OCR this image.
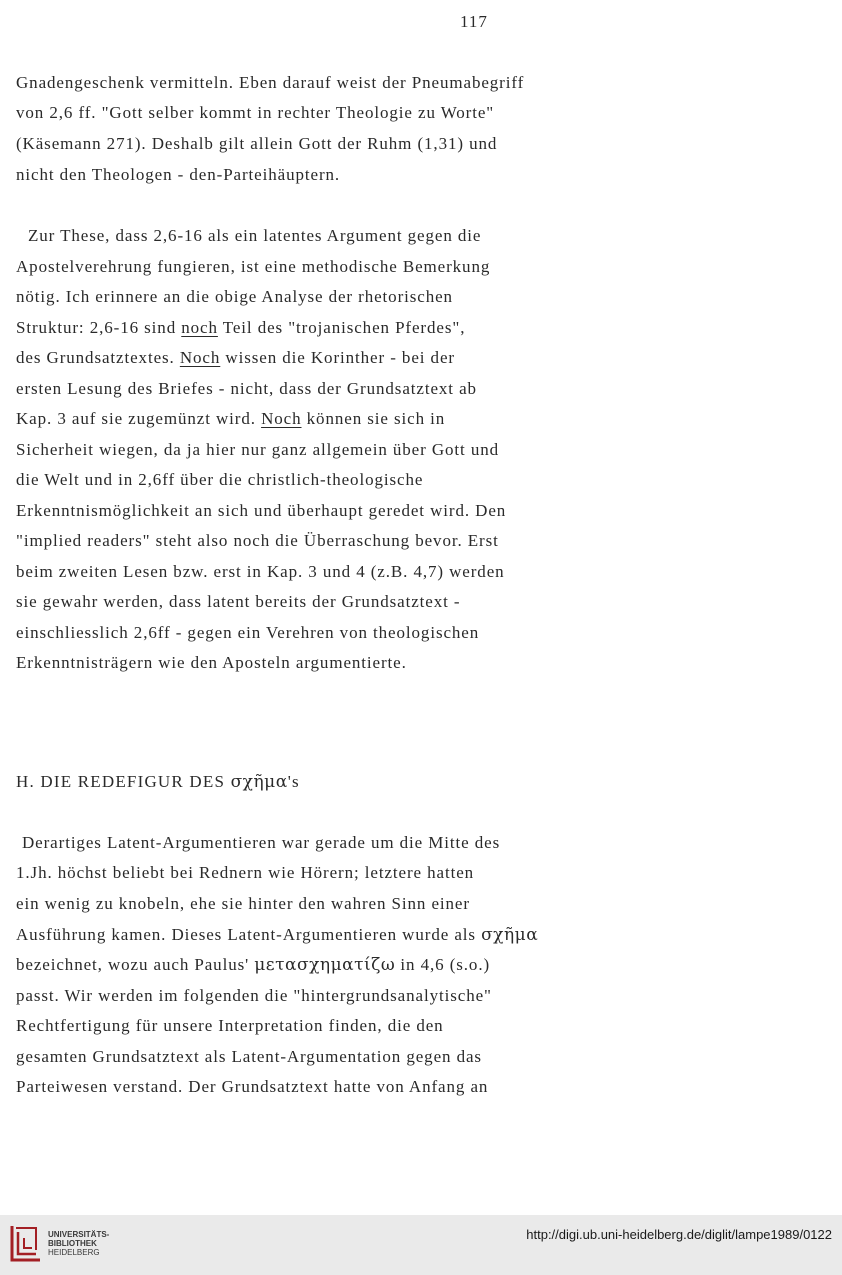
117
Gnadengeschenk vermitteln. Eben darauf weist der Pneumabegriff
von 2,6 ff. "Gott selber kommt in rechter Theologie zu Worte"
(Käsemann 271). Deshalb gilt allein Gott der Ruhm (1,31) und
nicht den Theologen - den-Parteihäuptern.
Zur These, dass 2,6-16 als ein latentes Argument gegen die
Apostelverehrung fungieren, ist eine methodische Bemerkung
nötig. Ich erinnere an die obige Analyse der rhetorischen
Struktur: 2,6-16 sind noch Teil des "trojanischen Pferdes",
des Grundsatztextes. Noch wissen die Korinther - bei der
ersten Lesung des Briefes - nicht, dass der Grundsatztext ab
Kap. 3 auf sie zugemünzt wird. Noch können sie sich in
Sicherheit wiegen, da ja hier nur ganz allgemein über Gott und
die Welt und in 2,6ff über die christlich-theologische
Erkenntnismöglichkeit an sich und überhaupt geredet wird. Den
"implied readers" steht also noch die Überraschung bevor. Erst
beim zweiten Lesen bzw. erst in Kap. 3 und 4 (z.B. 4,7) werden
sie gewahr werden, dass latent bereits der Grundsatztext -
einschliesslich 2,6ff - gegen ein Verehren von theologischen
Erkenntnisträgern wie den Aposteln argumentierte.
H. DIE REDEFIGUR DES σχῆμα's
Derartiges Latent-Argumentieren war gerade um die Mitte des
1.Jh. höchst beliebt bei Rednern wie Hörern; letztere hatten
ein wenig zu knobeln, ehe sie hinter den wahren Sinn einer
Ausführung kamen. Dieses Latent-Argumentieren wurde als σχῆμα
bezeichnet, wozu auch Paulus' μετασχηματίζω in 4,6 (s.o.)
passt. Wir werden im folgenden die "hintergrundsanalytische"
Rechtfertigung für unsere Interpretation finden, die den
gesamten Grundsatztext als Latent-Argumentation gegen das
Parteiwesen verstand. Der Grundsatztext hatte von Anfang an
UNIVERSITÄTS-
BIBLIOTHEK
HEIDELBERG
http://digi.ub.uni-heidelberg.de/diglit/lampe1989/0122
